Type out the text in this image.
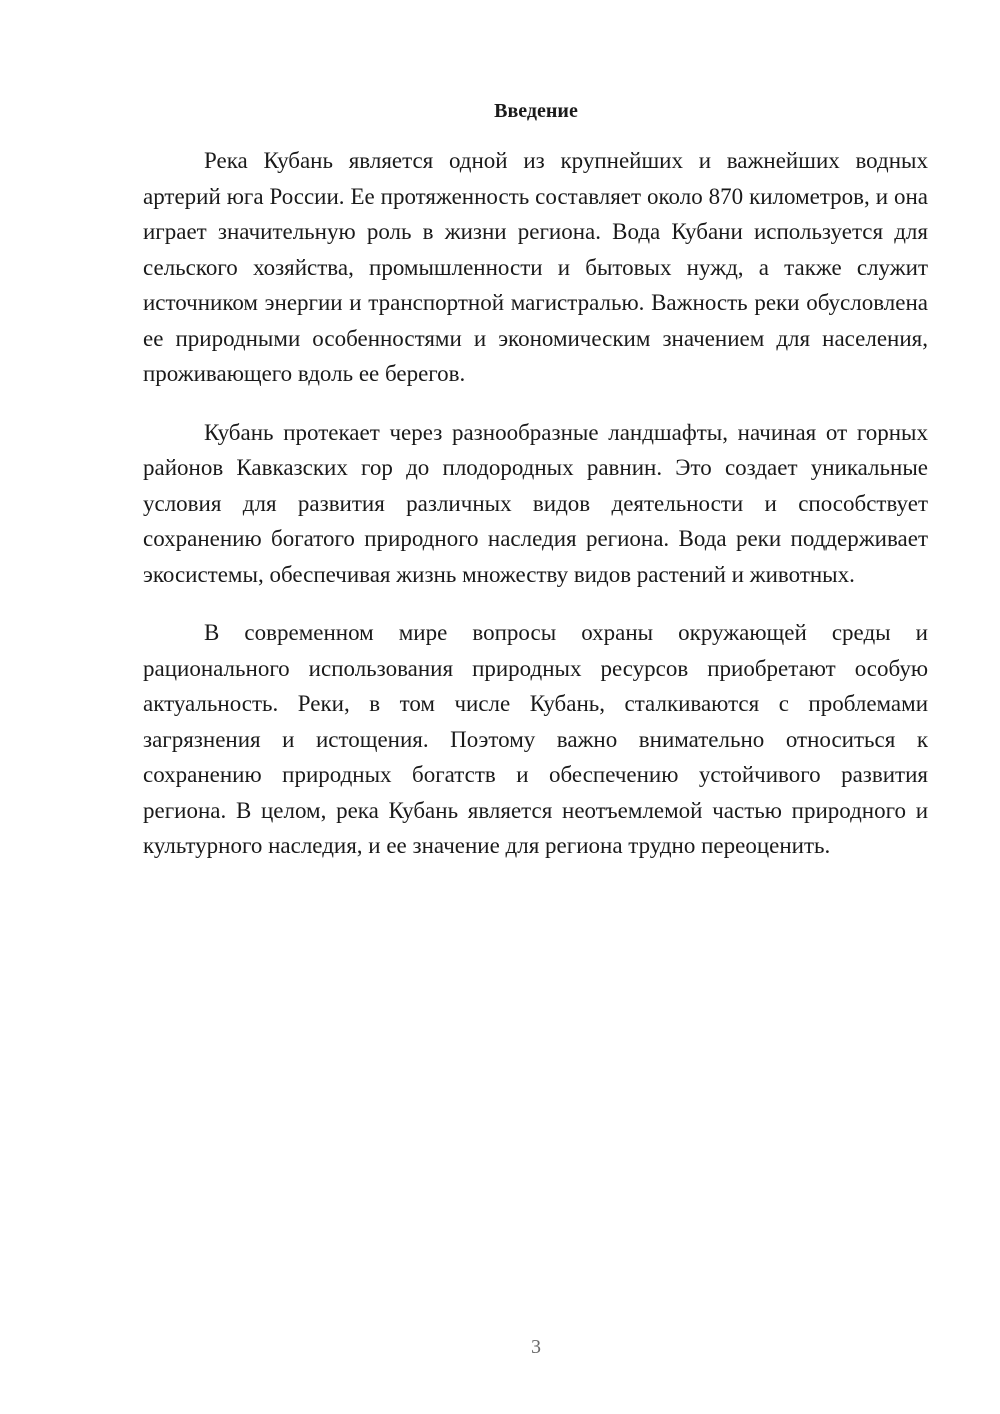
Введение

Река Кубань является одной из крупнейших и важнейших водных артерий юга России. Ее протяженность составляет около 870 километров, и она играет значительную роль в жизни региона. Вода Кубани используется для сельского хозяйства, промышленности и бытовых нужд, а также служит источником энергии и транспортной магистралью. Важность реки обусловлена ее природными особенностями и экономическим значением для населения, проживающего вдоль ее берегов.

Кубань протекает через разнообразные ландшафты, начиная от горных районов Кавказских гор до плодородных равнин. Это создает уникальные условия для развития различных видов деятельности и способствует сохранению богатого природного наследия региона. Вода реки поддерживает экосистемы, обеспечивая жизнь множеству видов растений и животных.

В современном мире вопросы охраны окружающей среды и рационального использования природных ресурсов приобретают особую актуальность. Реки, в том числе Кубань, сталкиваются с проблемами загрязнения и истощения. Поэтому важно внимательно относиться к сохранению природных богатств и обеспечению устойчивого развития региона. В целом, река Кубань является неотъемлемой частью природного и культурного наследия, и ее значение для региона трудно переоценить.

3
